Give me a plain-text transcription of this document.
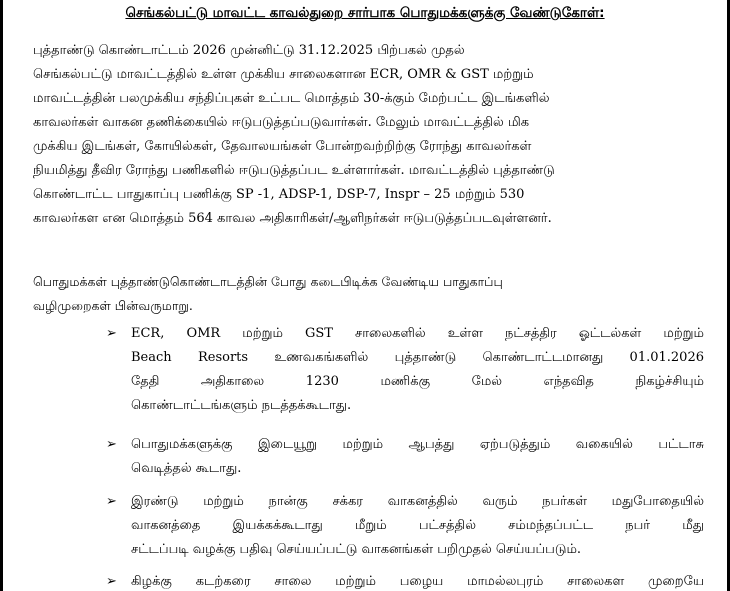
செங்கல்பட்டு மாவட்ட காவல்துறை சார்பாக பொதுமக்களுக்கு வேண்டுகோள்:
புத்தாண்டு கொண்டாட்டம் 2026 முன்னிட்டு 31.12.2025 பிற்பகல் முதல்
செங்கல்பட்டு மாவட்டத்தில் உள்ள முக்கிய சாலைகளான ECR, OMR & GST மற்றும்
மாவட்டத்தின் பலமுக்கிய சந்திப்புகள் உட்பட மொத்தம் 30-க்கும் மேற்பட்ட இடங்களில்
காவலர்கள் வாகன தணிக்கையில் ஈடுபடுத்தப்படுவார்கள். மேலும் மாவட்டத்தில் மிக
முக்கிய இடங்கள், கோயில்கள், தேவாலயங்கள் போன்றவற்றிற்கு ரோந்து காவலர்கள்
நியமித்து தீவிர ரோந்து பணிகளில் ஈடுபடுத்தப்பட உள்ளார்கள். மாவட்டத்தில் புத்தாண்டு
கொண்டாட்ட பாதுகாப்பு பணிக்கு SP -1, ADSP-1, DSP-7, Inspr – 25 மற்றும் 530
காவலர்கள என மொத்தம் 564 காவல அதிகாரிகள்/ஆளிநர்கள் ஈடுபடுத்தப்படவுள்ளனர்.
பொதுமக்கள் புத்தாண்டுகொண்டாடத்தின் போது கடைபிடிக்க வேண்டிய பாதுகாப்பு
வழிமுறைகள் பின்வருமாறு.
➢	ECR, OMR மற்றும் GST சாலைகளில் உள்ள நட்சத்திர ஓட்டல்கள் மற்றும்
Beach Resorts உணவகங்களில் புத்தாண்டு கொண்டாட்டமானது 01.01.2026
தேதி அதிகாலை 1230 மணிக்கு மேல் எந்தவித நிகழ்ச்சியும்
கொண்டாட்டங்களும் நடத்தக்கூடாது.
➢	பொதுமக்களுக்கு இடையூறு மற்றும் ஆபத்து ஏற்படுத்தும் வகையில் பட்டாசு
வெடித்தல் கூடாது.
➢	இரண்டு மற்றும் நான்கு சக்கர வாகனத்தில் வரும் நபர்கள் மதுபோதையில்
வாகனத்தை இயக்கக்கூடாது மீறும் பட்சத்தில் சம்மந்தப்பட்ட நபர் மீது
சட்டப்படி வழக்கு பதிவு செய்யப்பட்டு வாகனங்கள் பறிமுதல் செய்யப்படும்.
➢	கிழக்கு கடற்கரை சாலை மற்றும் பழைய மாமல்லபுரம் சாலைகள முறையே
